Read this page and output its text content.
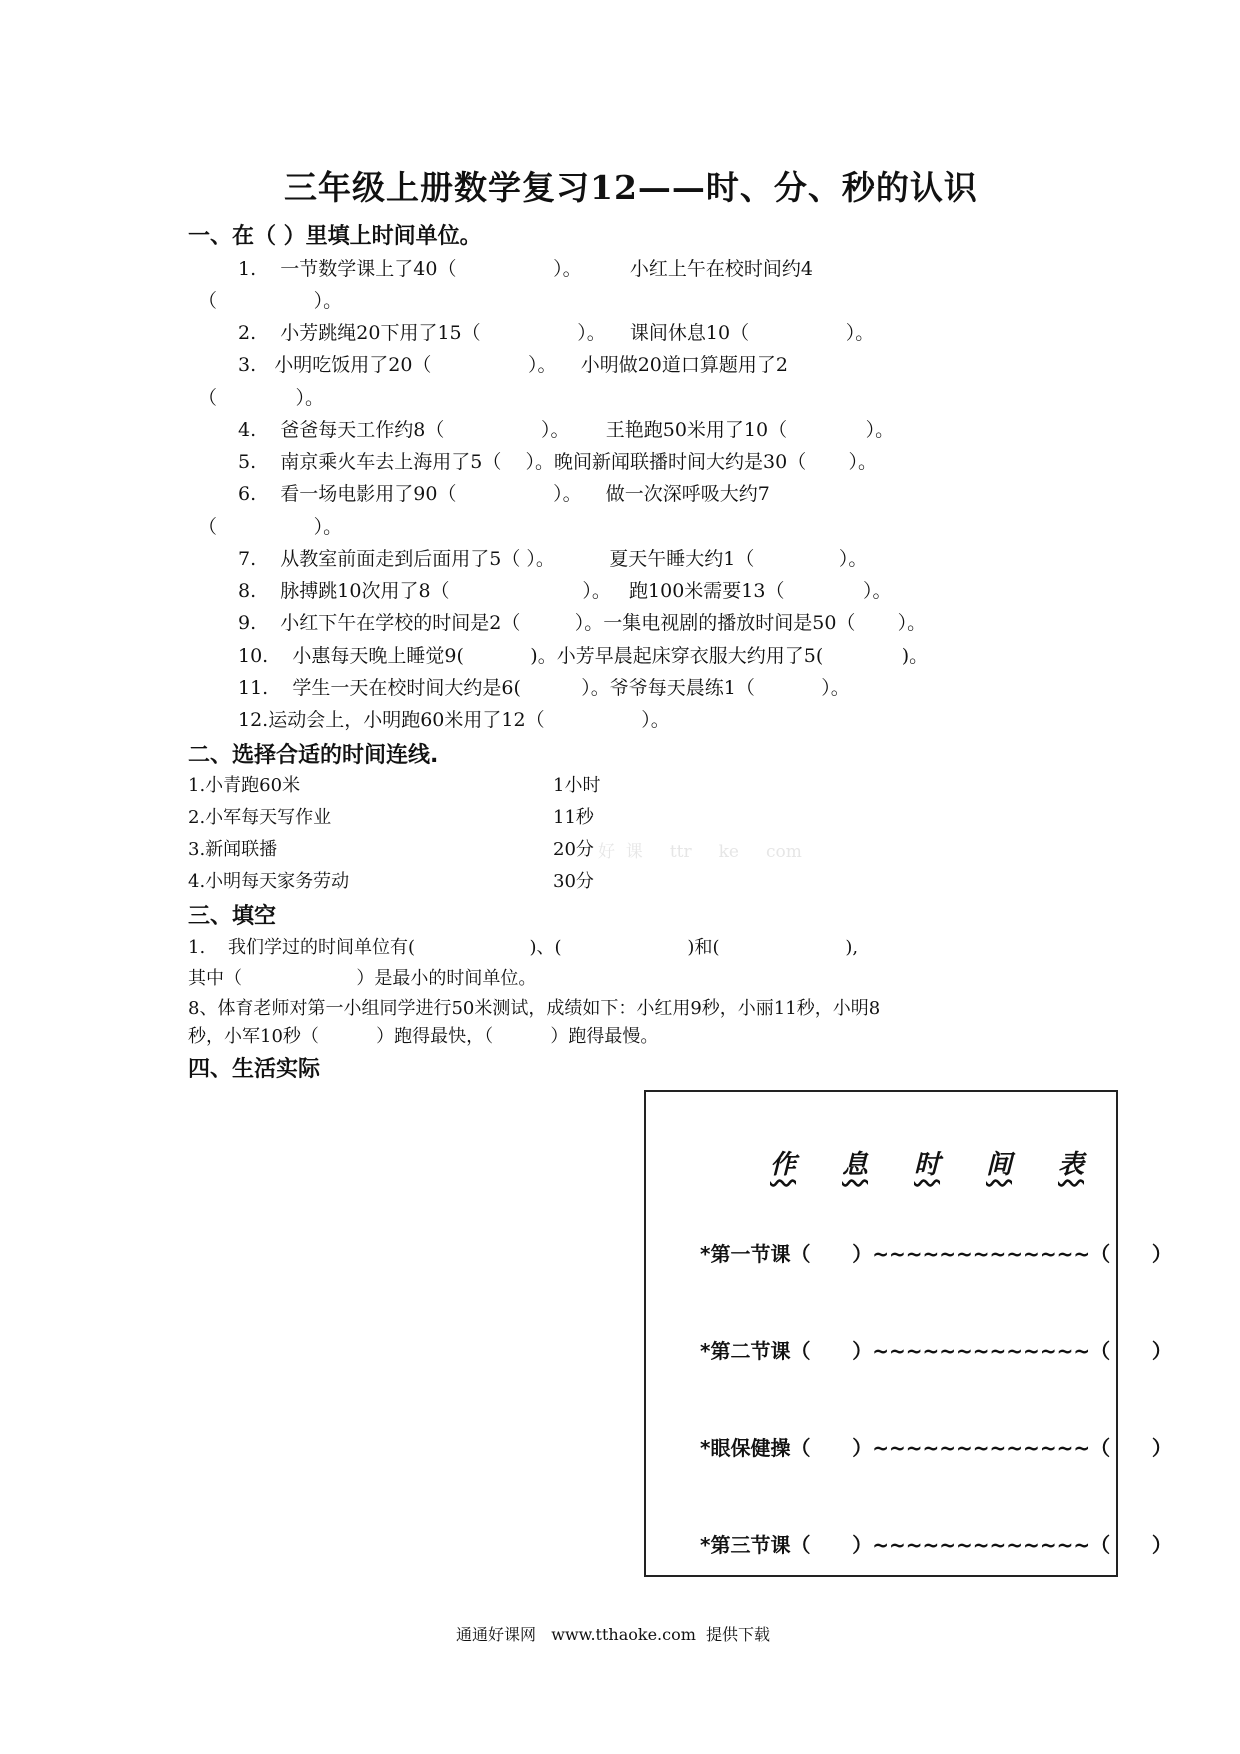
三年级上册数学复习12——时、分、秒的认识
一、在（ ）里填上时间单位。
1.    一节数学课上了40（                ）。        小红上午在校时间约4
（                ）。
2.    小芳跳绳20下用了15（                ）。    课间休息10（                ）。
3.   小明吃饭用了20（                ）。    小明做20道口算题用了2
（             ）。
4.    爸爸每天工作约8（                ）。      王艳跑50米用了10（             ）。
5.    南京乘火车去上海用了5（    ）。晚间新闻联播时间大约是30（       ）。
6.    看一场电影用了90（                ）。    做一次深呼吸大约7
（                ）。
7.    从教室前面走到后面用了5（ ）。         夏天午睡大约1（              ）。
8.    脉搏跳10次用了8（                      ）。   跑100米需要13（             ）。
9.    小红下午在学校的时间是2（         ）。一集电视剧的播放时间是50（       ）。
10.    小惠每天晚上睡觉9(           )。小芳早晨起床穿衣服大约用了5(             )。
11.    学生一天在校时间大约是6(          ）。爷爷每天晨练1（           ）。
12.运动会上，小明跑60米用了12（                ）。
二、选择合适的时间连线.
1.小青跑60米
2.小军每天写作业
3.新闻联播
4.小明每天家务劳动
1小时
11秒
20分
30分
好  课     ttr     ke     com
三、填空
1.    我们学过的时间单位有(                    )、(                      )和(                      ),
其中（                    ）是最小的时间单位。
8、体育老师对第一小组同学进行50米测试，成绩如下：小红用9秒，小丽11秒，小明8
秒，小军10秒（          ）跑得最快，（          ）跑得最慢。
四、生活实际
作 息 时 间 表
*第一节课（      ）~~~~~~~~~~~~~（      ）
*第二节课（      ）~~~~~~~~~~~~~（      ）
*眼保健操（      ）~~~~~~~~~~~~~（      ）
*第三节课（      ）~~~~~~~~~~~~~（      ）
通通好课网   www.tthaoke.com  提供下载
